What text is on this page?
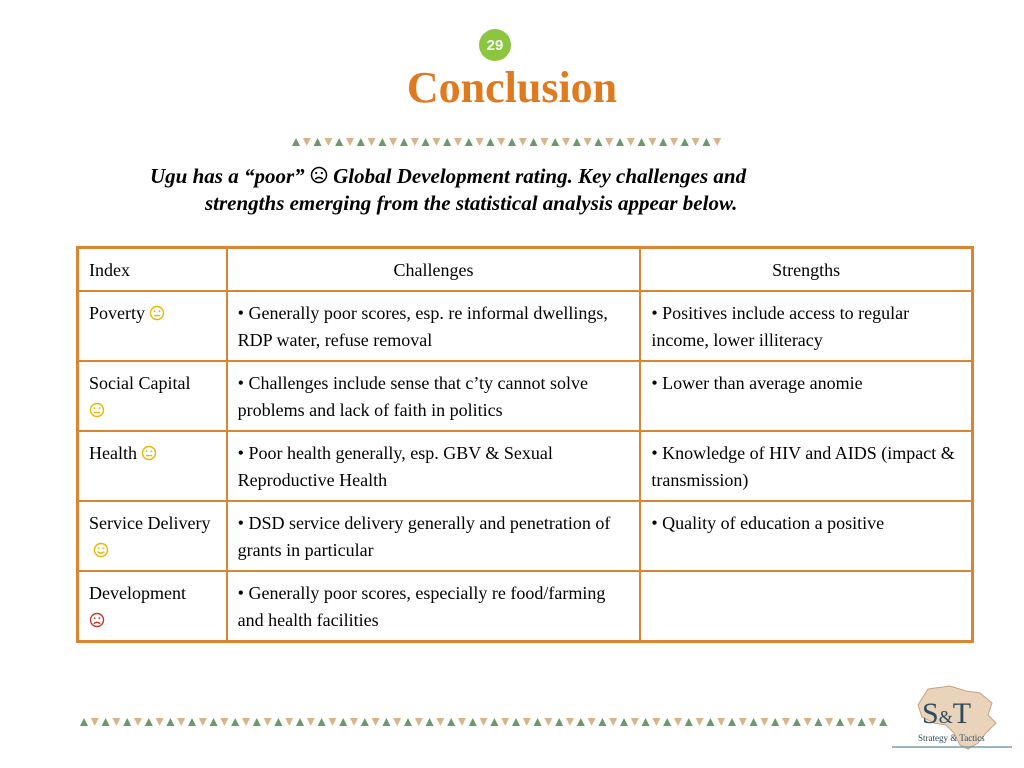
29
Conclusion
Ugu has a “poor” Global Development rating. Key challenges and
strengths emerging from the statistical analysis appear below.
Index	Challenges	Strengths
Poverty	• Generally poor scores, esp. re informal dwellings, RDP water, refuse removal	• Positives include access to regular income, lower illiteracy
Social Capital	• Challenges include sense that c’ty cannot solve problems and lack of faith in politics	• Lower than average anomie
Health	• Poor health generally, esp. GBV & Sexual Reproductive Health	• Knowledge of HIV and AIDS (impact & transmission)
Service Delivery	• DSD service delivery generally and penetration of grants in particular	• Quality of education a positive
Development	• Generally poor scores, especially re food/farming and health facilities	
S&T
Strategy & Tactics
